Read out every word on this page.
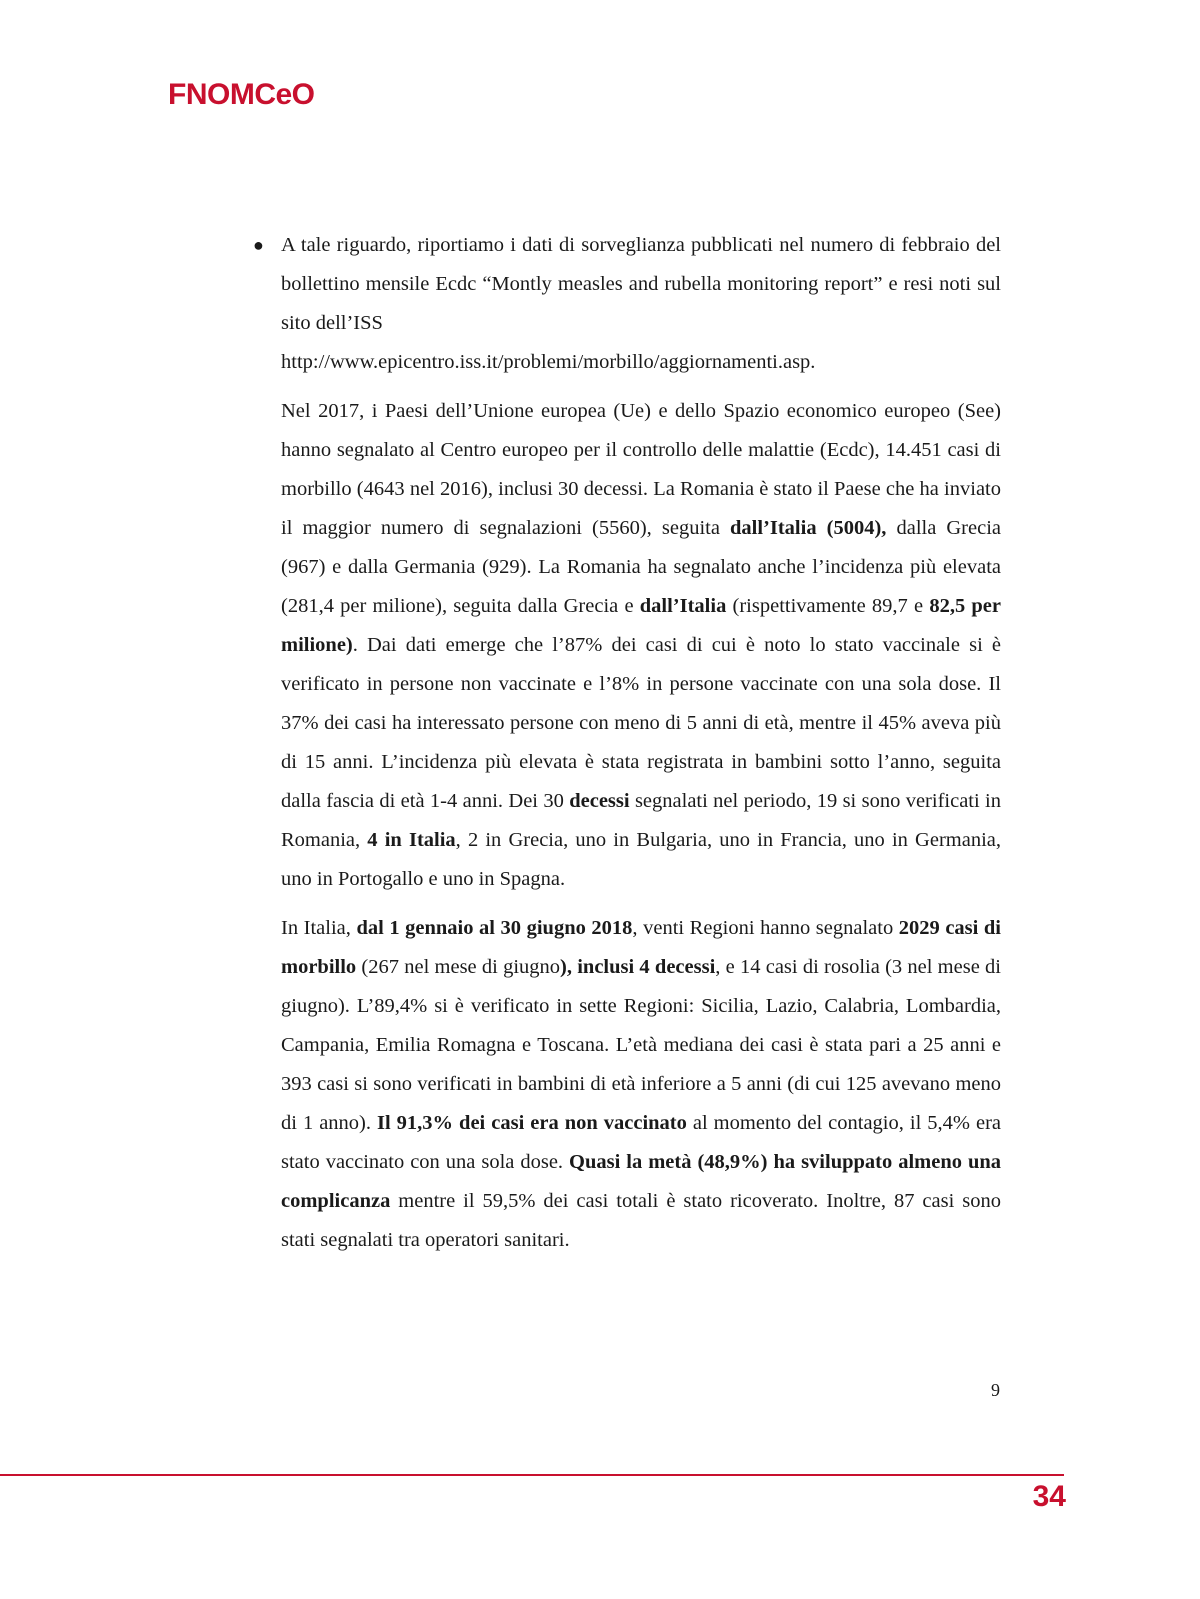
FNOMCeO

● A tale riguardo, riportiamo i dati di sorveglianza pubblicati nel numero di febbraio del bollettino mensile Ecdc “Montly measles and rubella monitoring report” e resi noti sul sito dell’ISS
http://www.epicentro.iss.it/problemi/morbillo/aggiornamenti.asp.

Nel 2017, i Paesi dell’Unione europea (Ue) e dello Spazio economico europeo (See) hanno segnalato al Centro europeo per il controllo delle malattie (Ecdc), 14.451 casi di morbillo (4643 nel 2016), inclusi 30 decessi. La Romania è stato il Paese che ha inviato il maggior numero di segnalazioni (5560), seguita dall’Italia (5004), dalla Grecia (967) e dalla Germania (929). La Romania ha segnalato anche l’incidenza più elevata (281,4 per milione), seguita dalla Grecia e dall’Italia (rispettivamente 89,7 e 82,5 per milione). Dai dati emerge che l’87% dei casi di cui è noto lo stato vaccinale si è verificato in persone non vaccinate e l’8% in persone vaccinate con una sola dose. Il 37% dei casi ha interessato persone con meno di 5 anni di età, mentre il 45% aveva più di 15 anni. L’incidenza più elevata è stata registrata in bambini sotto l’anno, seguita dalla fascia di età 1-4 anni. Dei 30 decessi segnalati nel periodo, 19 si sono verificati in Romania, 4 in Italia, 2 in Grecia, uno in Bulgaria, uno in Francia, uno in Germania, uno in Portogallo e uno in Spagna.

In Italia, dal 1 gennaio al 30 giugno 2018, venti Regioni hanno segnalato 2029 casi di morbillo (267 nel mese di giugno), inclusi 4 decessi, e 14 casi di rosolia (3 nel mese di giugno). L’89,4% si è verificato in sette Regioni: Sicilia, Lazio, Calabria, Lombardia, Campania, Emilia Romagna e Toscana. L’età mediana dei casi è stata pari a 25 anni e 393 casi si sono verificati in bambini di età inferiore a 5 anni (di cui 125 avevano meno di 1 anno). Il 91,3% dei casi era non vaccinato al momento del contagio, il 5,4% era stato vaccinato con una sola dose. Quasi la metà (48,9%) ha sviluppato almeno una complicanza mentre il 59,5% dei casi totali è stato ricoverato. Inoltre, 87 casi sono stati segnalati tra operatori sanitari.

9
34
